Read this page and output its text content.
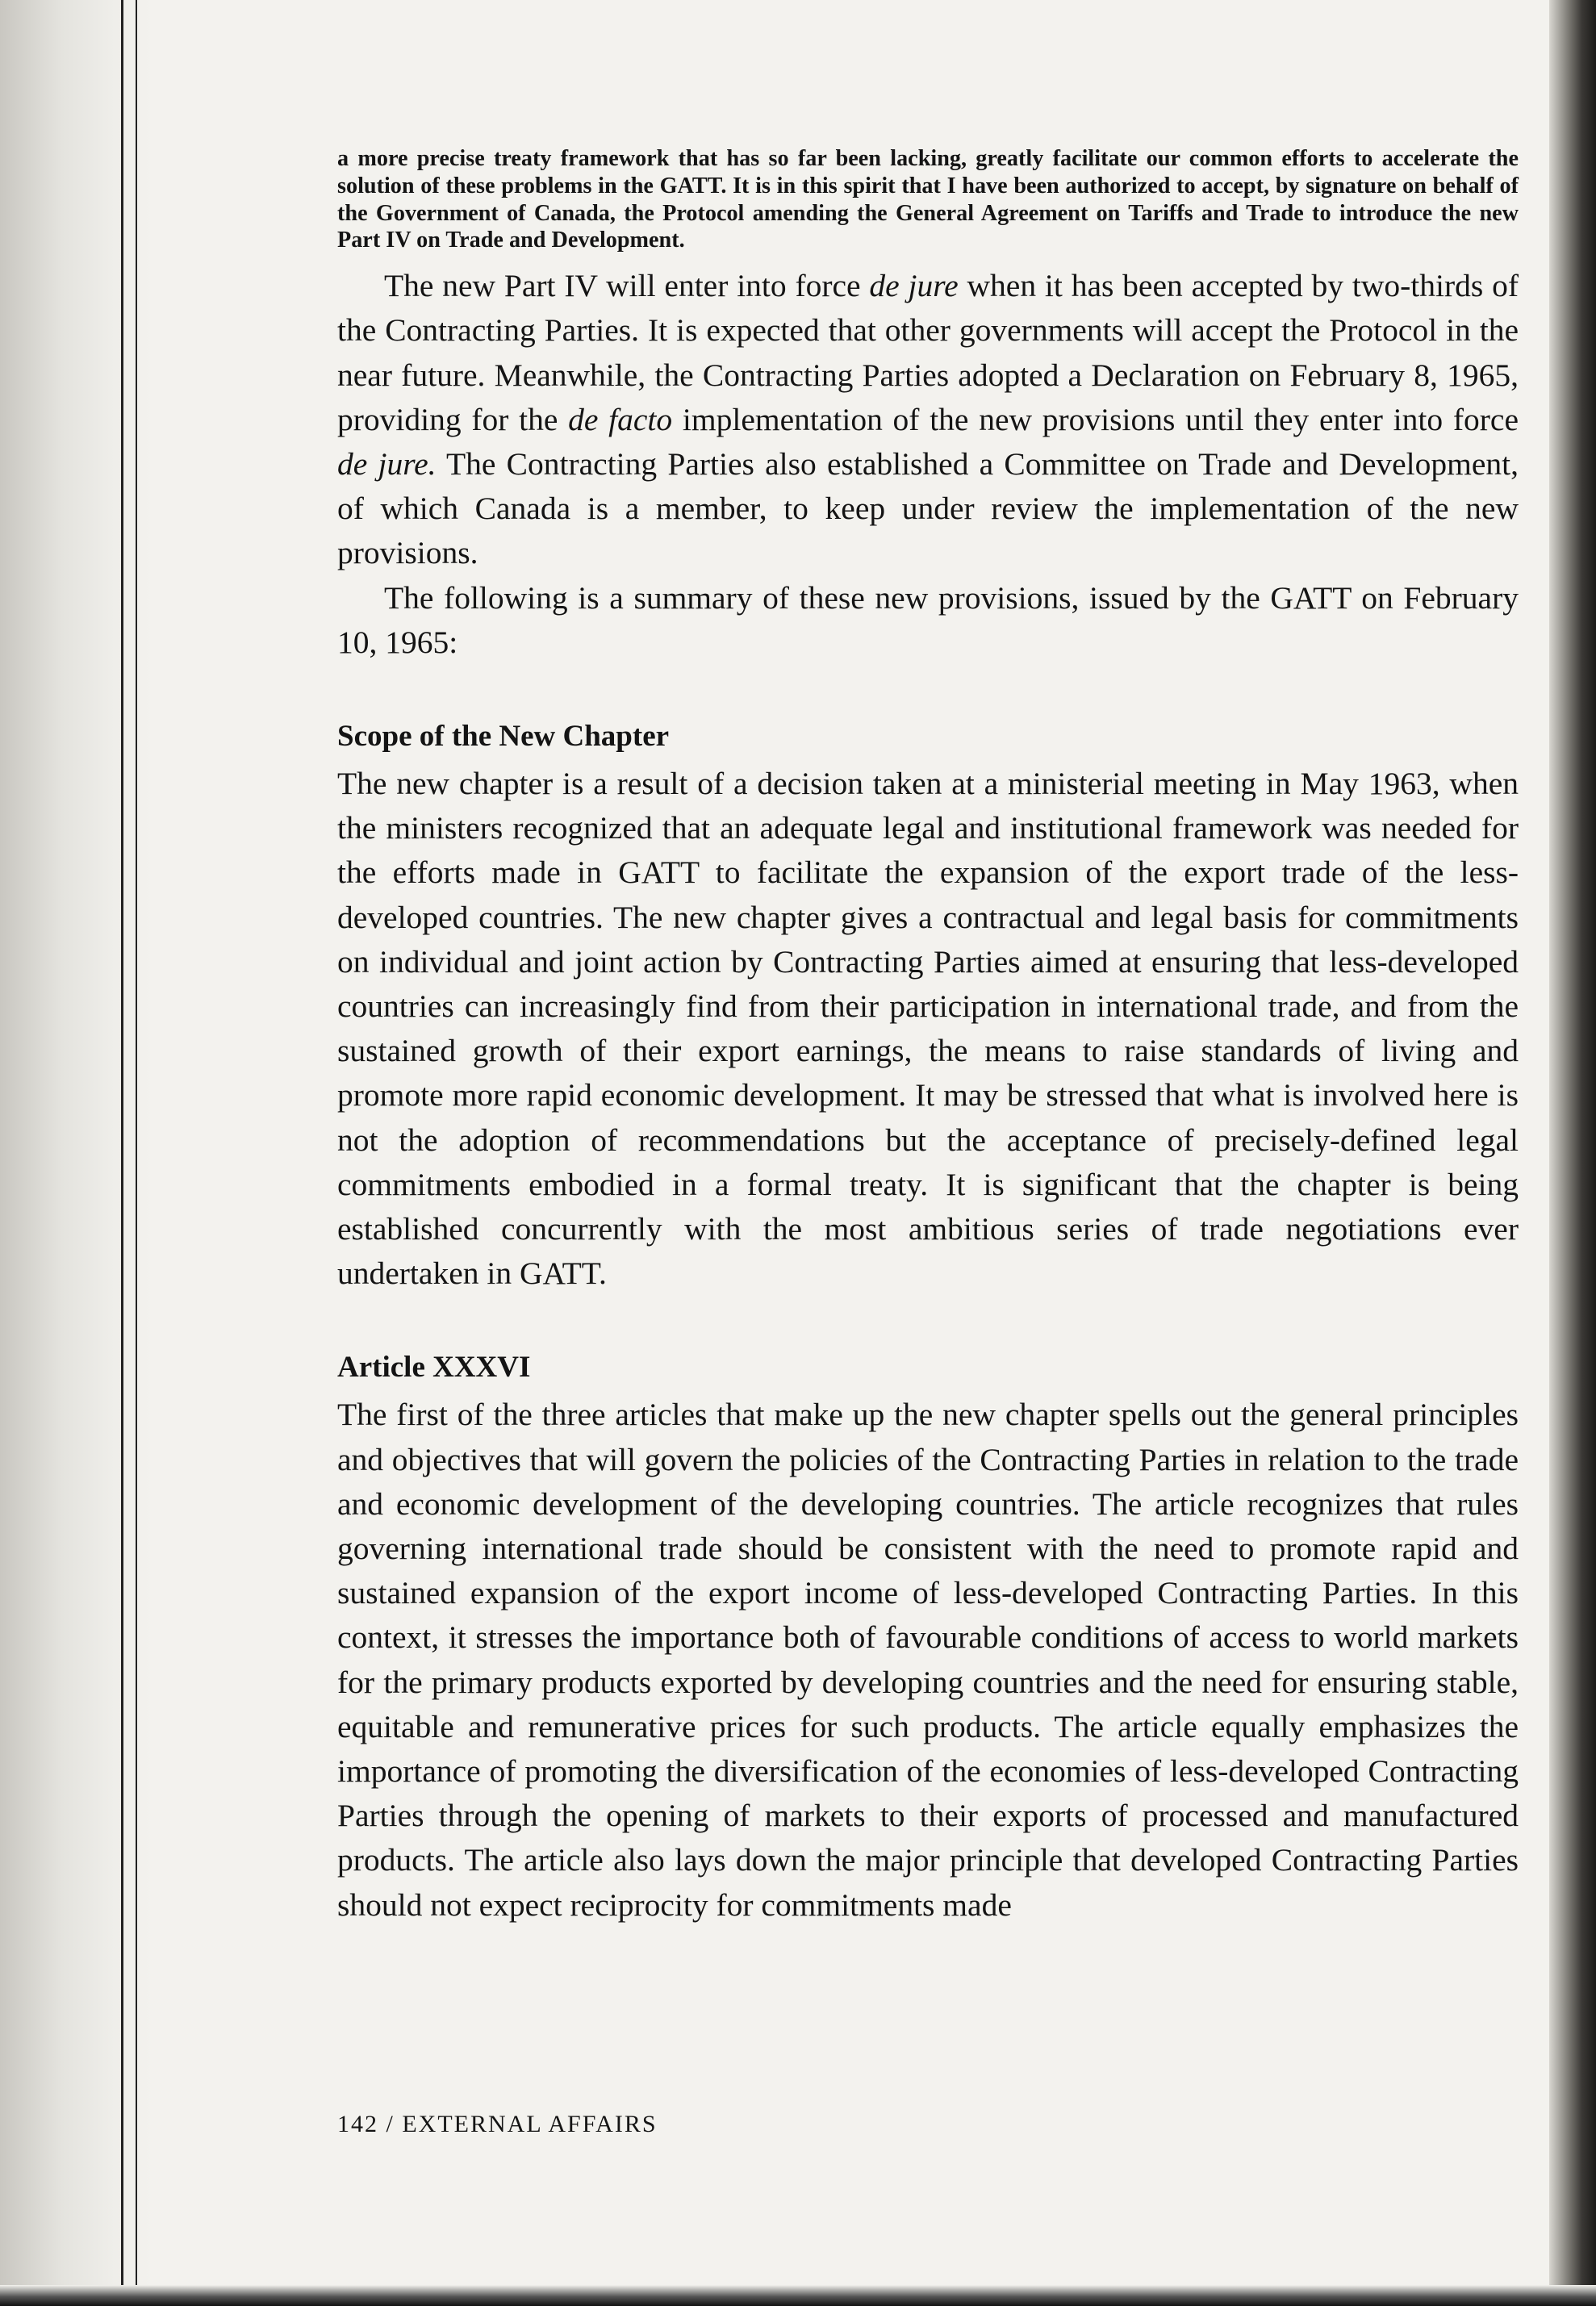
a more precise treaty framework that has so far been lacking, greatly facilitate our common efforts to accelerate the solution of these problems in the GATT. It is in this spirit that I have been authorized to accept, by signature on behalf of the Government of Canada, the Protocol amending the General Agreement on Tariffs and Trade to introduce the new Part IV on Trade and Development.

The new Part IV will enter into force de jure when it has been accepted by two-thirds of the Contracting Parties. It is expected that other governments will accept the Protocol in the near future. Meanwhile, the Contracting Parties adopted a Declaration on February 8, 1965, providing for the de facto implementation of the new provisions until they enter into force de jure. The Contracting Parties also established a Committee on Trade and Development, of which Canada is a member, to keep under review the implementation of the new provisions.

The following is a summary of these new provisions, issued by the GATT on February 10, 1965:

Scope of the New Chapter

The new chapter is a result of a decision taken at a ministerial meeting in May 1963, when the ministers recognized that an adequate legal and institutional framework was needed for the efforts made in GATT to facilitate the expansion of the export trade of the less-developed countries. The new chapter gives a contractual and legal basis for commitments on individual and joint action by Contracting Parties aimed at ensuring that less-developed countries can increasingly find from their participation in international trade, and from the sustained growth of their export earnings, the means to raise standards of living and promote more rapid economic development. It may be stressed that what is involved here is not the adoption of recommendations but the acceptance of precisely-defined legal commitments embodied in a formal treaty. It is significant that the chapter is being established concurrently with the most ambitious series of trade negotiations ever undertaken in GATT.

Article XXXVI

The first of the three articles that make up the new chapter spells out the general principles and objectives that will govern the policies of the Contracting Parties in relation to the trade and economic development of the developing countries. The article recognizes that rules governing international trade should be consistent with the need to promote rapid and sustained expansion of the export income of less-developed Contracting Parties. In this context, it stresses the importance both of favourable conditions of access to world markets for the primary products exported by developing countries and the need for ensuring stable, equitable and remunerative prices for such products. The article equally emphasizes the importance of promoting the diversification of the economies of less-developed Contracting Parties through the opening of markets to their exports of processed and manufactured products. The article also lays down the major principle that developed Contracting Parties should not expect reciprocity for commitments made

142 / EXTERNAL AFFAIRS
